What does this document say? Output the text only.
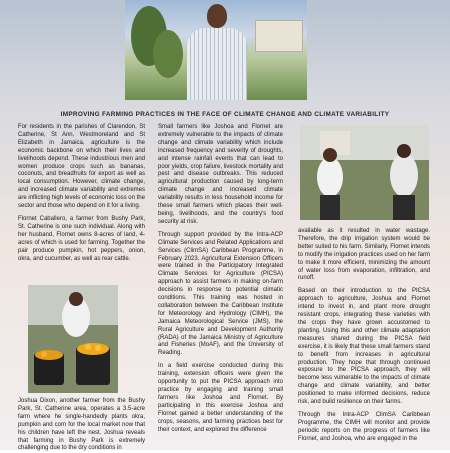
IMPROVING FARMING PRACTICES IN THE FACE OF CLIMATE CHANGE AND CLIMATE VARIABILITY

For residents in the parishes of Clarendon, St Catherine, St Ann, Westmoreland and St Elizabeth in Jamaica, agriculture is the economic backbone on which their lives and livelihoods depend. These industrious men and women produce crops such as bananas, coconuts, and breadfruits for export as well as local consumption. However, climate change, and increased climate variability and extremes are inflicting high levels of economic loss on the sector and those who depend on it for a living.

Flornet Caballero, a farmer from Bushy Park, St. Catherine is one such individual. Along with her husband, Flornet owns 8-acres of land, 4-acres of which is used for farming. Together the pair produce pumpkin, hot peppers, onion, okra, and cucumber, as well as rear cattle.

Joshua Dixon, another farmer from the Bushy Park, St. Catherine area, operates a 3.5-acre farm where he single-handedly plants okra, pumpkin and corn for the local market now that his children have left the nest. Joshua reveals that farming in Bushy Park is extremely challenging due to the dry conditions in

Small farmers like Joshoa and Flornet are extremely vulnerable to the impacts of climate change and climate variability which include increased frequency and severity of droughts, and intense rainfall events that can lead to poor yields, crop failure, livestock mortality and pest and disease outbreaks. This reduced agricultural production caused by long-term climate change and increased climate variability results in less household income for these small farmers which places their well-being, livelihoods, and the country's food security at risk.

Through support provided by the Intra-ACP Climate Services and Related Applications and Services (ClimSA) Caribbean Programme, in February 2023, Agricultural Extension Officers were trained in the Participatory Integrated Climate Services for Agriculture (PICSA) approach to assist farmers in making on-farm decisions in response to potential climatic conditions. This training was hosted in collaboration between the Caribbean Institute for Meteorology and Hydrology (CIMH), the Jamaica Meteorological Service (JMS), the Rural Agriculture and Development Authority (RADA) of the Jamaica Ministry of Agriculture and Fisheries (MoAF), and the University of Reading.

In a field exercise conducted during this training, extension officers were given the opportunity to put the PICSA approach into practice by engaging and training small farmers like Joshoa and Flornet. By participating in this exercise Joshoa and Flornet gained a better understanding of the crops, seasons, and farming practices best for their context, and explored the difference

available as it resulted in water wastage. Therefore, the drip irrigation system would be better suited to his farm. Similarly, Flornet intends to modify the irrigation practices used on her farm to make it more efficient, minimizing the amount of water loss from evaporation, infiltration, and runoff.

Based on their introduction to the PICSA approach to agriculture, Joshua and Flornet intend to invest in, and plant more drought resistant crops, integrating these varieties with the crops they have grown accustomed to planting. Using this and other climate adaptation measures shared during the PICSA field exercise, it is likely that these small farmers stand to benefit from increases in agricultural production. They hope that through continued exposure to the PICSA approach, they will become less vulnerable to the impacts of climate change and climate variability, and better positioned to make informed decisions, reduce risk, and build resilience on their farms.

Through the Intra-ACP ClimSA Caribbean Programme, the CIMH will monitor and provide periodic reports on the progress of farmers like Flornet, and Joshoa, who are engaged in the
